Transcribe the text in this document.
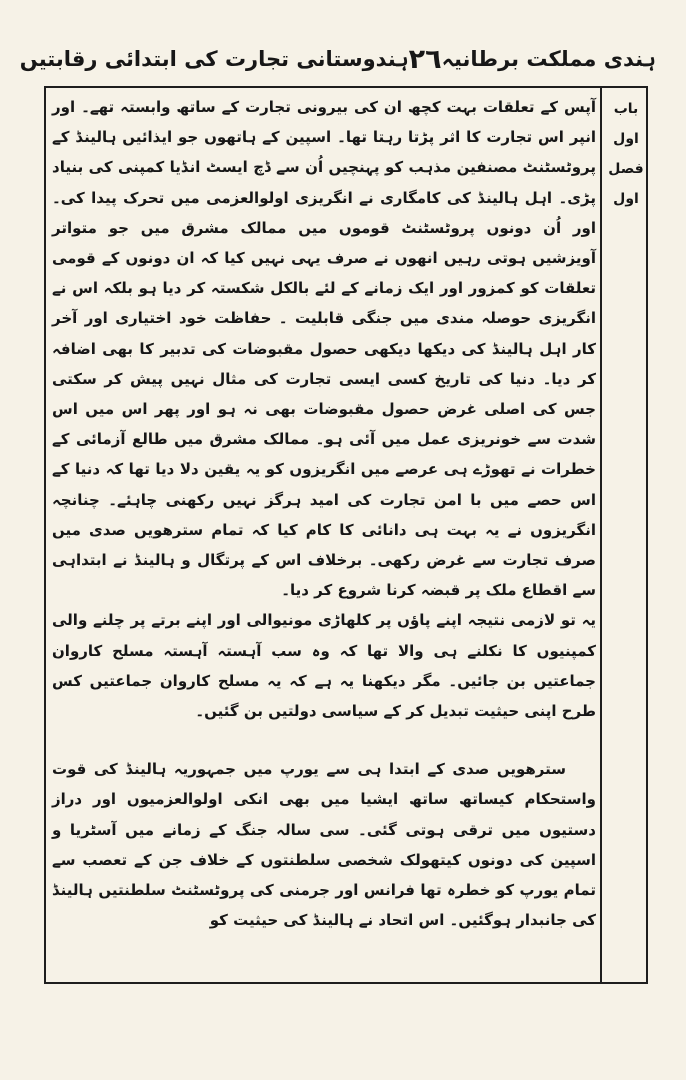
ہندی مملکت برطانیہ
٢٦
ہندوستانی تجارت کی ابتدائی رقابتیں
باب اول
فصل اول

آپس کے تعلقات بہت کچھ ان کی بیرونی تجارت کے ساتھ وابستہ تھے۔ اور انپر اس تجارت کا اثر پڑتا رہتا تھا۔ اسپین کے ہاتھوں جو ایذائیں ہالینڈ کے پروٹسٹنٹ مصنفین مذہب کو پہنچیں اُن سے ڈچ ایسٹ انڈیا کمپنی کی بنیاد پڑی۔ اہل ہالینڈ کی کامگاری نے انگریزی اولوالعزمی میں تحرک پیدا کی۔ اور اُن دونوں پروٹسٹنٹ قوموں میں ممالک مشرق میں جو متواتر آویزشیں ہوتی رہیں انھوں نے صرف یہی نہیں کیا کہ ان دونوں کے قومی تعلقات کو کمزور اور ایک زمانے کے لئے بالکل شکستہ کر دیا ہو بلکہ اس نے انگریزی حوصلہ مندی میں جنگی قابلیت ۔ حفاظت خود اختیاری اور آخر کار اہل ہالینڈ کی دیکھا دیکھی حصول مقبوضات کی تدبیر کا بھی اضافہ کر دیا۔ دنیا کی تاریخ کسی ایسی تجارت کی مثال نہیں پیش کر سکتی جس کی اصلی غرض حصول مقبوضات بھی نہ ہو اور پھر اس میں اس شدت سے خونریزی عمل میں آئی ہو۔ ممالک مشرق میں طالع آزمائی کے خطرات نے تھوڑے ہی عرصے میں انگریزوں کو یہ یقین دلا دیا تھا کہ دنیا کے اس حصے میں با امن تجارت کی امید ہرگز نہیں رکھنی چاہئے۔ چنانچہ انگریزوں نے یہ بہت ہی دانائی کا کام کیا کہ تمام سترھویں صدی میں صرف تجارت سے غرض رکھی۔ برخلاف اس کے پرتگال و ہالینڈ نے ابتداہی سے اقطاع ملک پر قبضہ کرنا شروع کر دیا۔

یہ تو لازمی نتیجہ اپنے پاؤں پر کلھاڑی مونیوالی اور اپنے برتے پر چلنے والی کمپنیوں کا نکلنے ہی والا تھا کہ وہ سب آہستہ آہستہ مسلح کاروان جماعتیں بن جائیں۔ مگر دیکھنا یہ ہے کہ یہ مسلح کاروان جماعتیں کس طرح اپنی حیثیت تبدیل کر کے سیاسی دولتیں بن گئیں۔

سترھویں صدی کے ابتدا ہی سے یورپ میں جمہوریہ ہالینڈ کی قوت واستحکام کیساتھ ساتھ ایشیا میں بھی انکی اولوالعزمیوں اور دراز دستیوں میں ترقی ہوتی گئی۔ سی سالہ جنگ کے زمانے میں آسٹریا و اسپین کی دونوں کیتھولک شخصی سلطنتوں کے خلاف جن کے تعصب سے تمام یورپ کو خطرہ تھا فرانس اور جرمنی کی پروٹسٹنٹ سلطنتیں ہالینڈ کی جانبدار ہوگئیں۔ اس اتحاد نے ہالینڈ کی حیثیت کو
